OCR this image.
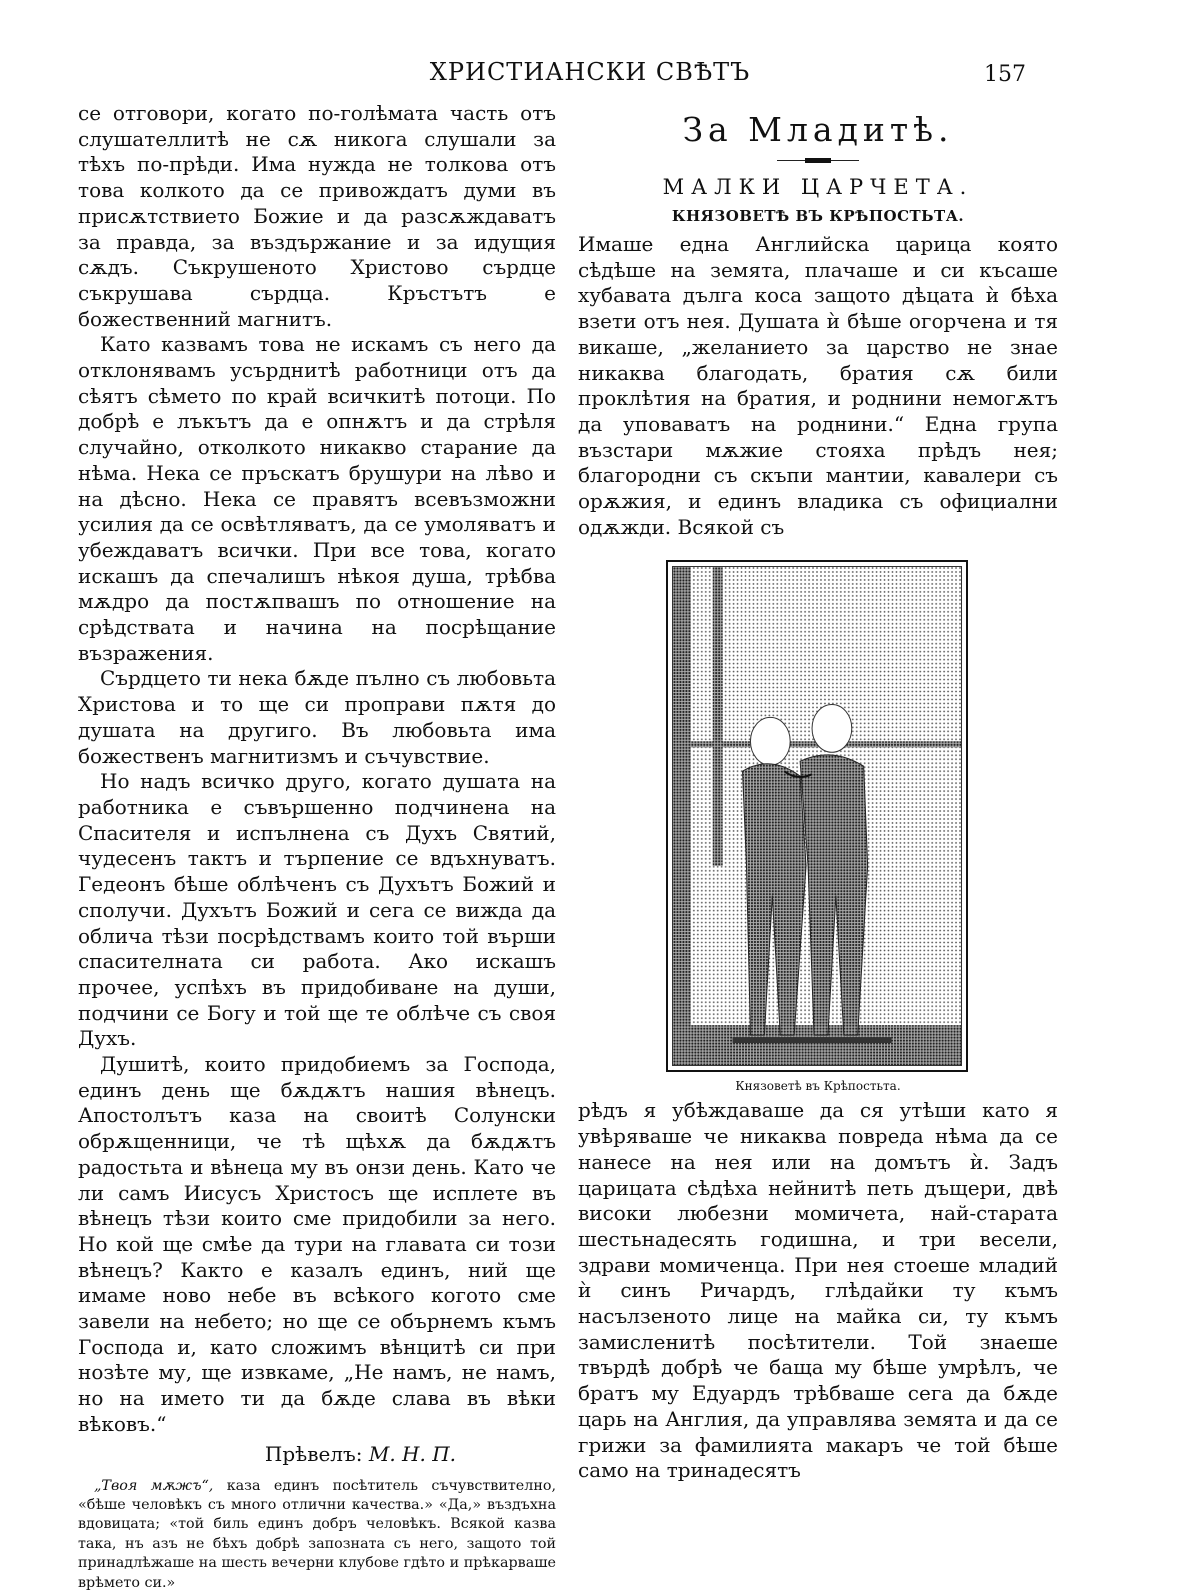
ХРИСТИАНСКИ СВѢТЪ	157

се отговори, когато по-голѣмата часть отъ слушателлитѣ не сѫ никога слушали за тѣхъ по-прѣди. Има нужда не толкова отъ това колкото да се привождатъ думи въ присѫтствието Божие и да разсѫждаватъ за правда, за въздържание и за идущия сѫдъ. Съкрушеното Христово сърдце съкрушава сърдца. Кръстътъ е божественний магнитъ.

Като казвамъ това не искамъ съ него да отклонявамъ усърднитѣ работници отъ да сѣятъ сѣмето по край всичкитѣ потоци. По добрѣ е лъкътъ да е опнѫтъ и да стрѣля случайно, отколкото никакво старание да нѣма. Нека се пръскатъ брушури на лѣво и на дѣсно. Нека се правятъ всевъзможни усилия да се освѣтляватъ, да се умоляватъ и убеждаватъ всички. При все това, когато искашъ да спечалишъ нѣкоя душа, трѣбва мѫдро да постѫпвашъ по отношение на срѣдствата и начина на посрѣщание възражения.

Сърдцето ти нека бѫде пълно съ любовьта Христова и то ще си проправи пѫтя до душата на другиго. Въ любовьта има божественъ магнитизмъ и съчувствие.

Но надъ всичко друго, когато душата на работника е съвършенно подчинена на Спасителя и испълнена съ Духъ Святий, чудесенъ тактъ и търпение се вдъхнуватъ. Гедеонъ бѣше облѣченъ съ Духътъ Божий и сполучи. Духътъ Божий и сега се вижда да облича тѣзи посрѣдствамъ които той върши спасителната си работа. Ако искашъ прочее, успѣхъ въ придобиване на души, подчини се Богу и той ще те облѣче съ своя Духъ.

Душитѣ, които придобиемъ за Господа, единъ день ще бѫдѫтъ нашия вѣнецъ. Апостолътъ каза на своитѣ Солунски обрѫщенници, че тѣ щѣхѫ да бѫдѫтъ радостьта и вѣнеца му въ онзи день. Като че ли самъ Иисусъ Христосъ ще исплете въ вѣнецъ тѣзи които сме придобили за него. Но кой ще смѣе да тури на главата си този вѣнецъ? Както е казалъ единъ, ний ще имаме ново небе въ всѣкого когото сме завели на небето; но ще се обърнемъ къмъ Господа и, като сложимъ вѣнцитѣ си при нозѣте му, ще извкаме, „Не намъ, не намъ, но на името ти да бѫде слава въ вѣки вѣковъ.“

Прѣвелъ: М. Н. П.

„Твоя мѫжъ“, каза единъ посѣтитель съчувствително, «бѣше человѣкъ съ много отлични качества.» «Да,» въздъхна вдовицата; «той биль единъ добръ человѣкъ. Всякой казва така, нъ азъ не бѣхъ добрѣ запозната съ него, защото той принадлѣжаше на шесть вечерни клубове гдѣто и прѣкарваше врѣмето си.»

За Младитѣ.
МАЛКИ ЦАРЧЕТА.
КНЯЗОВЕТѢ ВЪ КРѢПОСТЬТА.

Имаше една Английска царица която сѣдѣше на земята, плачаше и си късаше хубавата дълга коса защото дѣцата ѝ бѣха взети отъ нея. Душата ѝ бѣше огорчена и тя викаше, „желанието за царство не знае никаква благодать, братия сѫ били проклѣтия на братия, и роднини немогѫтъ да уповаватъ на роднини.“ Една група възстари мѫжие стояха прѣдъ нея; благородни съ скъпи мантии, кавалери съ орѫжия, и единъ владика съ официални одѫжди. Всякой съ

Князоветѣ въ Крѣпостьта.

рѣдъ я убѣждаваше да ся утѣши като я увѣряваше че никаква повреда нѣма да се нанесе на нея или на домътъ ѝ. Задъ царицата сѣдѣха нейнитѣ петь дъщери, двѣ високи любезни момичета, най-старата шестьнадесять годишна, и три весели, здрави момиченца. При нея стоеше младий ѝ синъ Ричардъ, глѣдайки ту къмъ насълзеното лице на майка си, ту къмъ замисленитѣ посѣтители. Той знаеше твърдѣ добрѣ че баща му бѣше умрѣлъ, че братъ му Едуардъ трѣбваше сега да бѫде царь на Англия, да управлява земята и да се грижи за фамилията макаръ че той бѣше само на тринадесятъ
